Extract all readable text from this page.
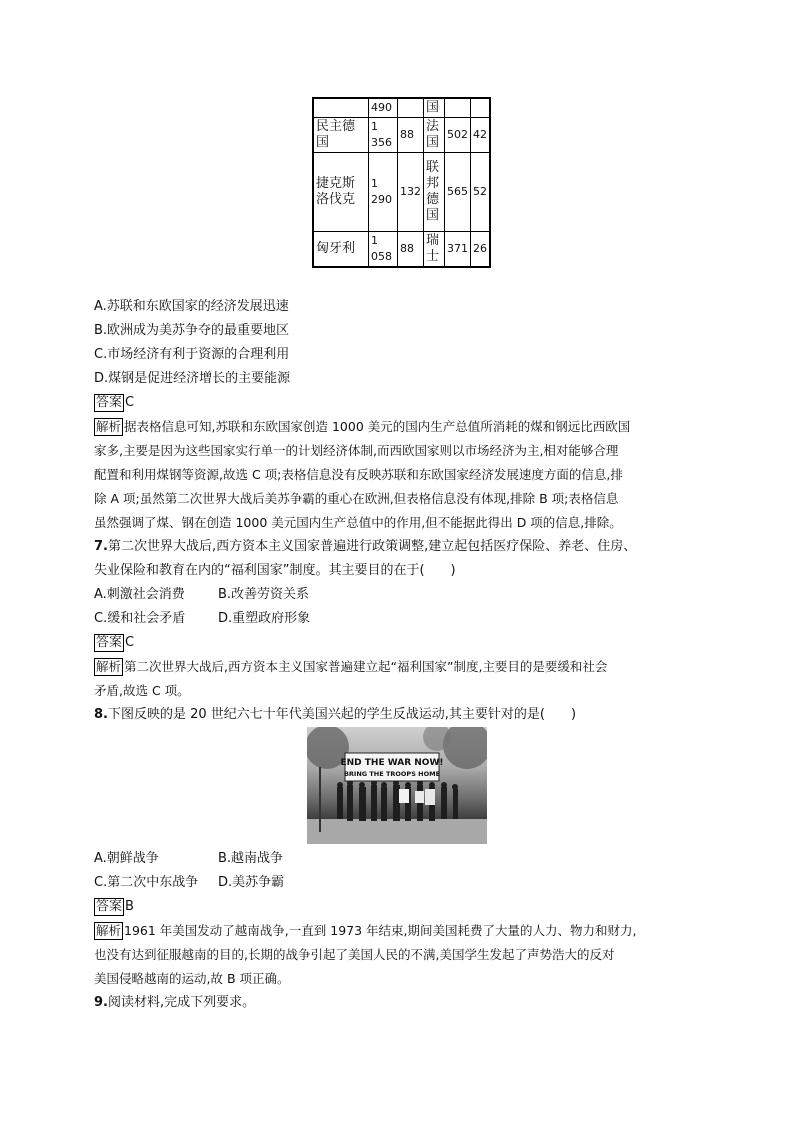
	490		国		
民主德国	1 356	88	法国	502	42
捷克斯洛伐克	1 290	132	联邦德国	565	52
匈牙利	1 058	88	瑞士	371	26
A.苏联和东欧国家的经济发展迅速
B.欧洲成为美苏争夺的最重要地区
C.市场经济有利于资源的合理利用
D.煤钢是促进经济增长的主要能源
答案 C
解析 据表格信息可知,苏联和东欧国家创造 1000 美元的国内生产总值所消耗的煤和钢远比西欧国
家多,主要是因为这些国家实行单一的计划经济体制,而西欧国家则以市场经济为主,相对能够合理
配置和利用煤钢等资源,故选 C 项;表格信息没有反映苏联和东欧国家经济发展速度方面的信息,排
除 A 项;虽然第二次世界大战后美苏争霸的重心在欧洲,但表格信息没有体现,排除 B 项;表格信息
虽然强调了煤、钢在创造 1000 美元国内生产总值中的作用,但不能据此得出 D 项的信息,排除。
7.第二次世界大战后,西方资本主义国家普遍进行政策调整,建立起包括医疗保险、养老、住房、
失业保险和教育在内的“福利国家”制度。其主要目的在于(　　)
A.刺激社会消费	B.改善劳资关系
C.缓和社会矛盾	D.重塑政府形象
答案 C
解析 第二次世界大战后,西方资本主义国家普遍建立起“福利国家”制度,主要目的是要缓和社会
矛盾,故选 C 项。
8.下图反映的是 20 世纪六七十年代美国兴起的学生反战运动,其主要针对的是(　　)
END THE WAR NOW!
BRING THE TROOPS HOME
A.朝鲜战争	B.越南战争
C.第二次中东战争 D.美苏争霸
答案 B
解析 1961 年美国发动了越南战争,一直到 1973 年结束,期间美国耗费了大量的人力、物力和财力,
也没有达到征服越南的目的,长期的战争引起了美国人民的不满,美国学生发起了声势浩大的反对
美国侵略越南的运动,故 B 项正确。
9.阅读材料,完成下列要求。
